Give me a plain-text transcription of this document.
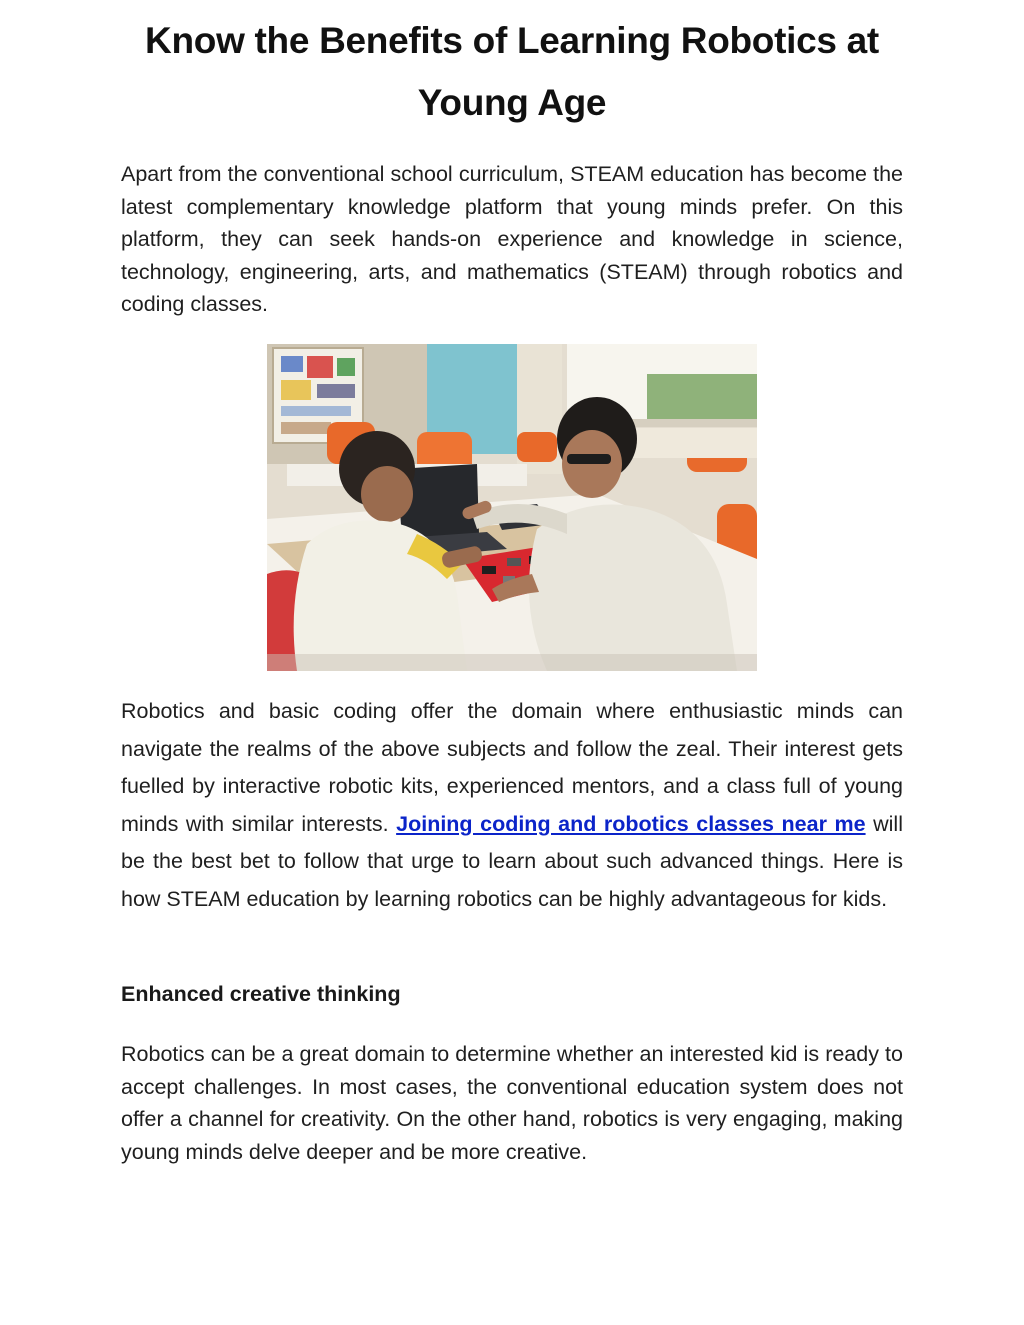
Know the Benefits of Learning Robotics at Young Age

Apart from the conventional school curriculum, STEAM education has become the latest complementary knowledge platform that young minds prefer. On this platform, they can seek hands-on experience and knowledge in science, technology, engineering, arts, and mathematics (STEAM) through robotics and coding classes.

Robotics and basic coding offer the domain where enthusiastic minds can navigate the realms of the above subjects and follow the zeal. Their interest gets fuelled by interactive robotic kits, experienced mentors, and a class full of young minds with similar interests. Joining coding and robotics classes near me will be the best bet to follow that urge to learn about such advanced things. Here is how STEAM education by learning robotics can be highly advantageous for kids.

Enhanced creative thinking

Robotics can be a great domain to determine whether an interested kid is ready to accept challenges. In most cases, the conventional education system does not offer a channel for creativity. On the other hand, robotics is very engaging, making young minds delve deeper and be more creative.
